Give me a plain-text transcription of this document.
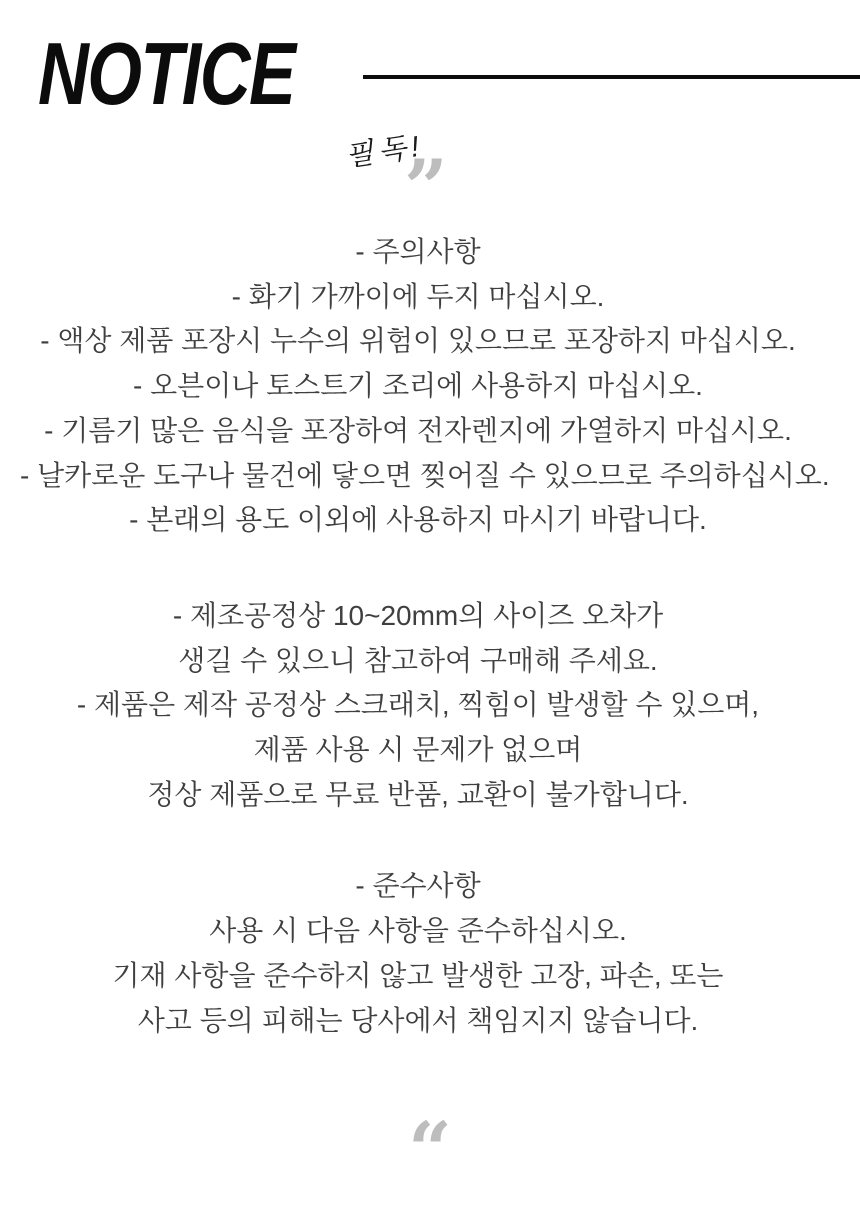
NOTICE
필독!
”
- 주의사항
- 화기 가까이에 두지 마십시오.
- 액상 제품 포장시 누수의 위험이 있으므로 포장하지 마십시오.
- 오븐이나 토스트기 조리에 사용하지 마십시오.
- 기름기 많은 음식을 포장하여 전자렌지에 가열하지 마십시오.
- 날카로운 도구나 물건에 닿으면 찢어질 수 있으므로 주의하십시오.
- 본래의 용도 이외에 사용하지 마시기 바랍니다.
- 제조공정상 10~20mm의 사이즈 오차가
생길 수 있으니 참고하여 구매해 주세요.
- 제품은 제작 공정상 스크래치, 찍힘이 발생할 수 있으며,
제품 사용 시 문제가 없으며
정상 제품으로 무료 반품, 교환이 불가합니다.
- 준수사항
사용 시 다음 사항을 준수하십시오.
기재 사항을 준수하지 않고 발생한 고장, 파손, 또는
사고 등의 피해는 당사에서 책임지지 않습니다.
“
